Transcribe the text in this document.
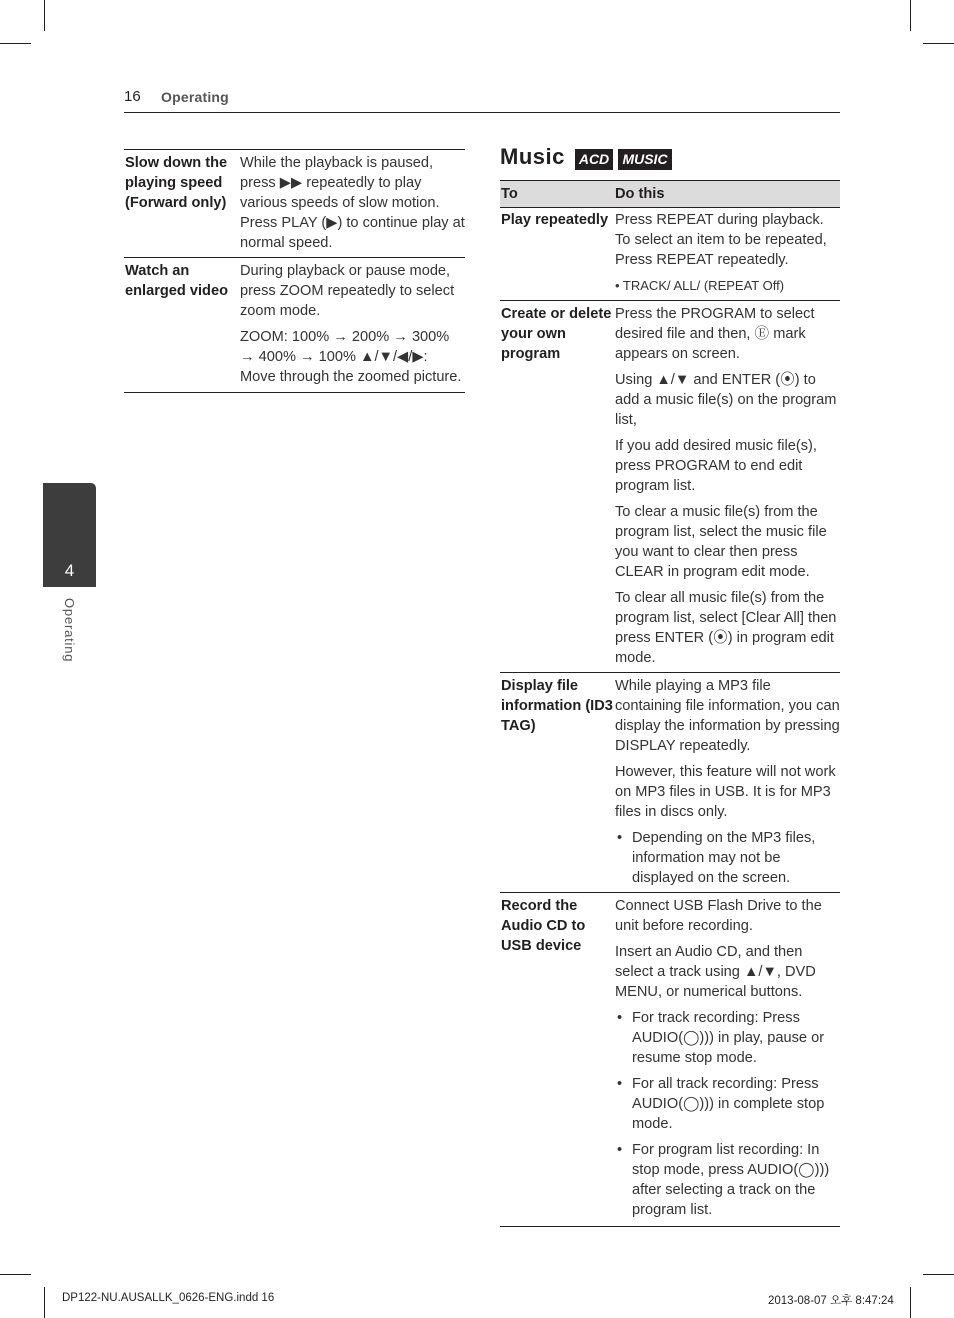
16 Operating
4
Operating
Slow down the playing speed (Forward only)	While the playback is paused, press ▶▶ repeatedly to play various speeds of slow motion. Press PLAY (▶) to continue play at normal speed.

Watch an enlarged video	During playback or pause mode, press ZOOM repeatedly to select zoom mode.

ZOOM: 100% → 200% → 300% → 400% → 100% ▲/▼/◀/▶: Move through the zoomed picture.

Music ACD MUSIC
To	Do this

Play repeatedly	Press REPEAT during playback. To select an item to be repeated, Press REPEAT repeatedly.

• TRACK/ ALL/ (REPEAT Off)

Create or delete your own program	Press the PROGRAM to select desired file and then, Ⓔ mark appears on screen.

Using ▲/▼ and ENTER (⦿) to add a music file(s) on the program list,

If you add desired music file(s), press PROGRAM to end edit program list.

To clear a music file(s) from the program list, select the music file you want to clear then press CLEAR in program edit mode.

To clear all music file(s) from the program list, select [Clear All] then press ENTER (⦿) in program edit mode.

Display file information (ID3 TAG)	While playing a MP3 file containing file information, you can display the information by pressing DISPLAY repeatedly.

However, this feature will not work on MP3 files in USB. It is for MP3 files in discs only.

• Depending on the MP3 files, information may not be displayed on the screen.

Record the Audio CD to USB device	Connect USB Flash Drive to the unit before recording.

Insert an Audio CD, and then select a track using ▲/▼, DVD MENU, or numerical buttons.

• For track recording: Press AUDIO(◯))) in play, pause or resume stop mode.

• For all track recording: Press AUDIO(◯))) in complete stop mode.

• For program list recording: In stop mode, press AUDIO(◯))) after selecting a track on the program list.

DP122-NU.AUSALLK_0626-ENG.indd 16	2013-08-07 오후 8:47:24
